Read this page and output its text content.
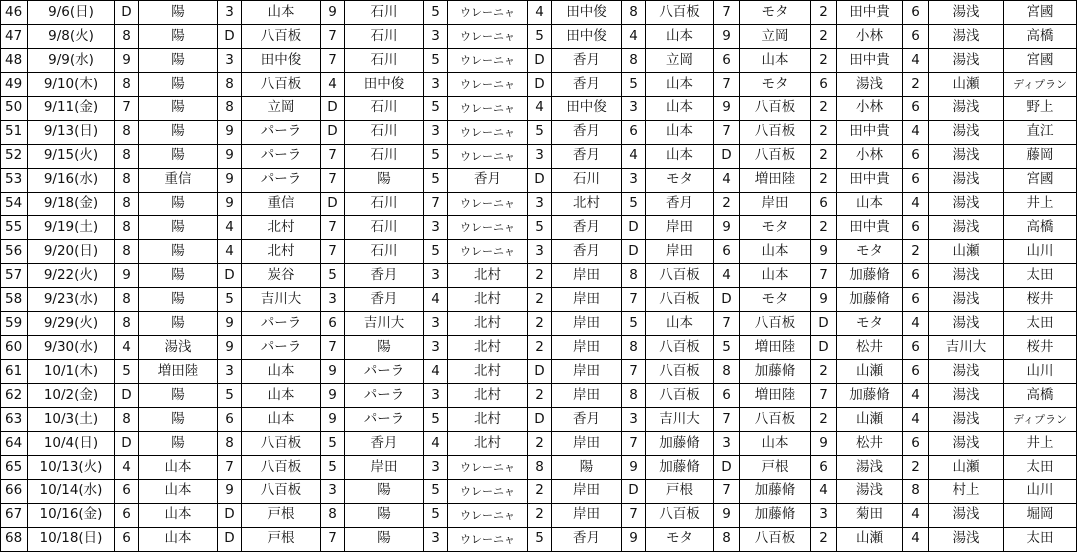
46	9/6(日)	D	陽	3	山本	9	石川	5	ウレーニャ	4	田中俊	8	八百板	7	モタ	2	田中貴	6	湯浅	宮國
47	9/8(火)	8	陽	D	八百板	7	石川	3	ウレーニャ	5	田中俊	4	山本	9	立岡	2	小林	6	湯浅	高橋
48	9/9(水)	9	陽	3	田中俊	7	石川	5	ウレーニャ	D	香月	8	立岡	6	山本	2	田中貴	4	湯浅	宮國
49	9/10(木)	8	陽	8	八百板	4	田中俊	3	ウレーニャ	D	香月	5	山本	7	モタ	6	湯浅	2	山瀬	ディプラン
50	9/11(金)	7	陽	8	立岡	D	石川	5	ウレーニャ	4	田中俊	3	山本	9	八百板	2	小林	6	湯浅	野上
51	9/13(日)	8	陽	9	パーラ	D	石川	3	ウレーニャ	5	香月	6	山本	7	八百板	2	田中貴	4	湯浅	直江
52	9/15(火)	8	陽	9	パーラ	7	石川	5	ウレーニャ	3	香月	4	山本	D	八百板	2	小林	6	湯浅	藤岡
53	9/16(水)	8	重信	9	パーラ	7	陽	5	香月	D	石川	3	モタ	4	増田陸	2	田中貴	6	湯浅	宮國
54	9/18(金)	8	陽	9	重信	D	石川	7	ウレーニャ	3	北村	5	香月	2	岸田	6	山本	4	湯浅	井上
55	9/19(土)	8	陽	4	北村	7	石川	3	ウレーニャ	5	香月	D	岸田	9	モタ	2	田中貴	6	湯浅	高橋
56	9/20(日)	8	陽	4	北村	7	石川	5	ウレーニャ	3	香月	D	岸田	6	山本	9	モタ	2	山瀬	山川
57	9/22(火)	9	陽	D	炭谷	5	香月	3	北村	2	岸田	8	八百板	4	山本	7	加藤脩	6	湯浅	太田
58	9/23(水)	8	陽	5	吉川大	3	香月	4	北村	2	岸田	7	八百板	D	モタ	9	加藤脩	6	湯浅	桜井
59	9/29(火)	8	陽	9	パーラ	6	吉川大	3	北村	2	岸田	5	山本	7	八百板	D	モタ	4	湯浅	太田
60	9/30(水)	4	湯浅	9	パーラ	7	陽	3	北村	2	岸田	8	八百板	5	増田陸	D	松井	6	吉川大	桜井
61	10/1(木)	5	増田陸	3	山本	9	パーラ	4	北村	D	岸田	7	八百板	8	加藤脩	2	山瀬	6	湯浅	山川
62	10/2(金)	D	陽	5	山本	9	パーラ	3	北村	2	岸田	8	八百板	6	増田陸	7	加藤脩	4	湯浅	高橋
63	10/3(土)	8	陽	6	山本	9	パーラ	5	北村	D	香月	3	吉川大	7	八百板	2	山瀬	4	湯浅	ディプラン
64	10/4(日)	D	陽	8	八百板	5	香月	4	北村	2	岸田	7	加藤脩	3	山本	9	松井	6	湯浅	井上
65	10/13(火)	4	山本	7	八百板	5	岸田	3	ウレーニャ	8	陽	9	加藤脩	D	戸根	6	湯浅	2	山瀬	太田
66	10/14(水)	6	山本	9	八百板	3	陽	5	ウレーニャ	2	岸田	D	戸根	7	加藤脩	4	湯浅	8	村上	山川
67	10/16(金)	6	山本	D	戸根	8	陽	5	ウレーニャ	2	岸田	7	八百板	9	加藤脩	3	菊田	4	湯浅	堀岡
68	10/18(日)	6	山本	D	戸根	7	陽	3	ウレーニャ	5	香月	9	モタ	8	八百板	2	山瀬	4	湯浅	太田
